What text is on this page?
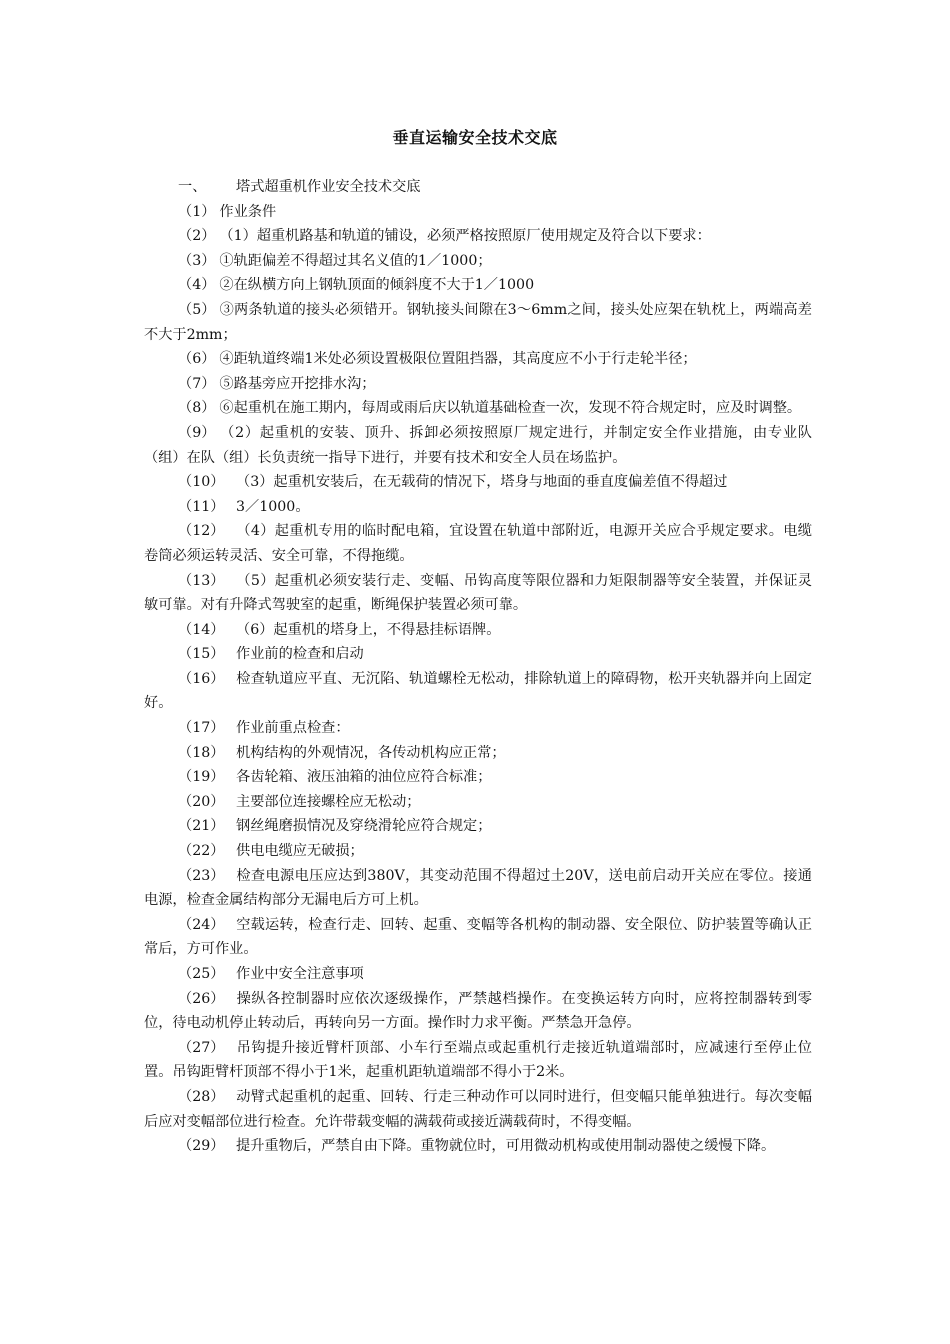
垂直运输安全技术交底

一、 塔式超重机作业安全技术交底

（1） 作业条件

（2） （1）超重机路基和轨道的铺设，必须严格按照原厂使用规定及符合以下要求：

（3） ①轨距偏差不得超过其名义值的1／1000；

（4） ②在纵横方向上钢轨顶面的倾斜度不大于1／1000

（5） ③两条轨道的接头必须错开。钢轨接头间隙在3～6mm之间，接头处应架在轨枕上，两端高差不大于2mm；

（6） ④距轨道终端1米处必须设置极限位置阻挡器，其高度应不小于行走轮半径；

（7） ⑤路基旁应开挖排水沟；

（8） ⑥起重机在施工期内，每周或雨后庆以轨道基础检查一次，发现不符合规定时，应及时调整。

（9） （2）起重机的安装、顶升、拆卸必须按照原厂规定进行，并制定安全作业措施，由专业队（组）在队（组）长负责统一指导下进行，并要有技术和安全人员在场监护。

（10） （3）起重机安装后，在无载荷的情况下，塔身与地面的垂直度偏差值不得超过

（11） 3／1000。

（12） （4）起重机专用的临时配电箱，宜设置在轨道中部附近，电源开关应合乎规定要求。电缆卷筒必须运转灵活、安全可靠，不得拖缆。

（13） （5）起重机必须安装行走、变幅、吊钩高度等限位器和力矩限制器等安全装置，并保证灵敏可靠。对有升降式驾驶室的起重，断绳保护装置必须可靠。

（14） （6）起重机的塔身上，不得悬挂标语牌。

（15） 作业前的检查和启动

（16） 检查轨道应平直、无沉陷、轨道螺栓无松动，排除轨道上的障碍物，松开夹轨器并向上固定好。

（17） 作业前重点检查：

（18） 机构结构的外观情况，各传动机构应正常；

（19） 各齿轮箱、液压油箱的油位应符合标准；

（20） 主要部位连接螺栓应无松动；

（21） 钢丝绳磨损情况及穿绕滑轮应符合规定；

（22） 供电电缆应无破损；

（23） 检查电源电压应达到380V，其变动范围不得超过土20V，送电前启动开关应在零位。接通电源，检查金属结构部分无漏电后方可上机。

（24） 空载运转，检查行走、回转、起重、变幅等各机构的制动器、安全限位、防护装置等确认正常后，方可作业。

（25） 作业中安全注意事项

（26） 操纵各控制器时应依次逐级操作，严禁越档操作。在变换运转方向时，应将控制器转到零位，待电动机停止转动后，再转向另一方面。操作时力求平衡。严禁急开急停。

（27） 吊钩提升接近臂杆顶部、小车行至端点或起重机行走接近轨道端部时，应减速行至停止位置。吊钩距臂杆顶部不得小于1米，起重机距轨道端部不得小于2米。

（28） 动臂式起重机的起重、回转、行走三种动作可以同时进行，但变幅只能单独进行。每次变幅后应对变幅部位进行检查。允许带载变幅的满载荷或接近满载荷时，不得变幅。

（29） 提升重物后，严禁自由下降。重物就位时，可用微动机构或使用制动器使之缓慢下降。
